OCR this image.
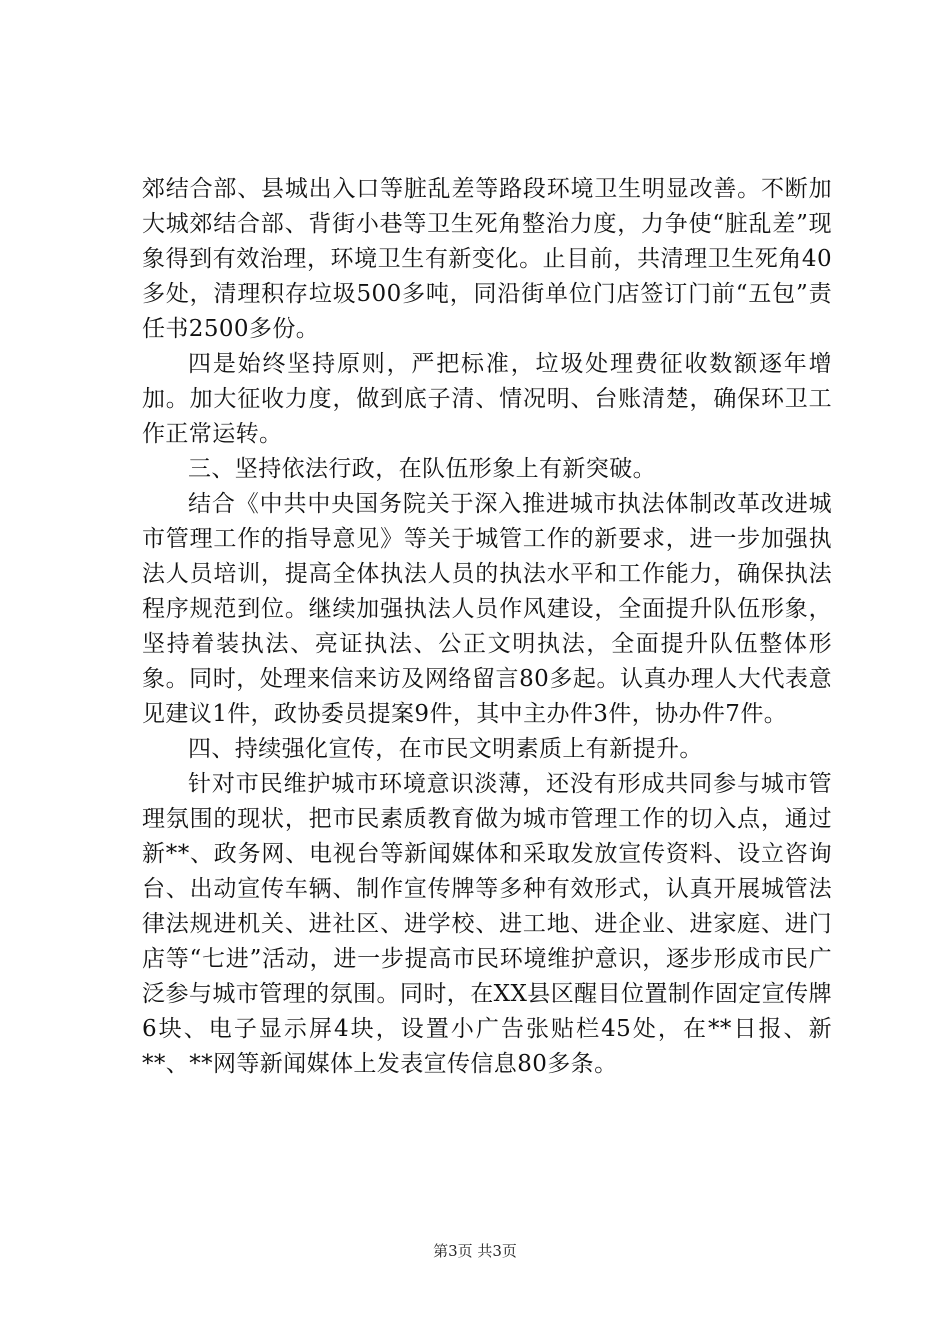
郊结合部、县城出入口等脏乱差等路段环境卫生明显改善。不断加大城郊结合部、背街小巷等卫生死角整治力度，力争使“脏乱差”现象得到有效治理，环境卫生有新变化。止目前，共清理卫生死角40多处，清理积存垃圾500多吨，同沿街单位门店签订门前“五包”责任书2500多份。

四是始终坚持原则，严把标准，垃圾处理费征收数额逐年增加。加大征收力度，做到底子清、情况明、台账清楚，确保环卫工作正常运转。

三、坚持依法行政，在队伍形象上有新突破。

结合《中共中央国务院关于深入推进城市执法体制改革改进城市管理工作的指导意见》等关于城管工作的新要求，进一步加强执法人员培训，提高全体执法人员的执法水平和工作能力，确保执法程序规范到位。继续加强执法人员作风建设，全面提升队伍形象，坚持着装执法、亮证执法、公正文明执法，全面提升队伍整体形象。同时，处理来信来访及网络留言80多起。认真办理人大代表意见建议1件，政协委员提案9件，其中主办件3件，协办件7件。

四、持续强化宣传，在市民文明素质上有新提升。

针对市民维护城市环境意识淡薄，还没有形成共同参与城市管理氛围的现状，把市民素质教育做为城市管理工作的切入点，通过新**、政务网、电视台等新闻媒体和采取发放宣传资料、设立咨询台、出动宣传车辆、制作宣传牌等多种有效形式，认真开展城管法律法规进机关、进社区、进学校、进工地、进企业、进家庭、进门店等“七进”活动，进一步提高市民环境维护意识，逐步形成市民广泛参与城市管理的氛围。同时，在XX县区醒目位置制作固定宣传牌6块、电子显示屏4块，设置小广告张贴栏45处，在**日报、新**、**网等新闻媒体上发表宣传信息80多条。

第3页 共3页
